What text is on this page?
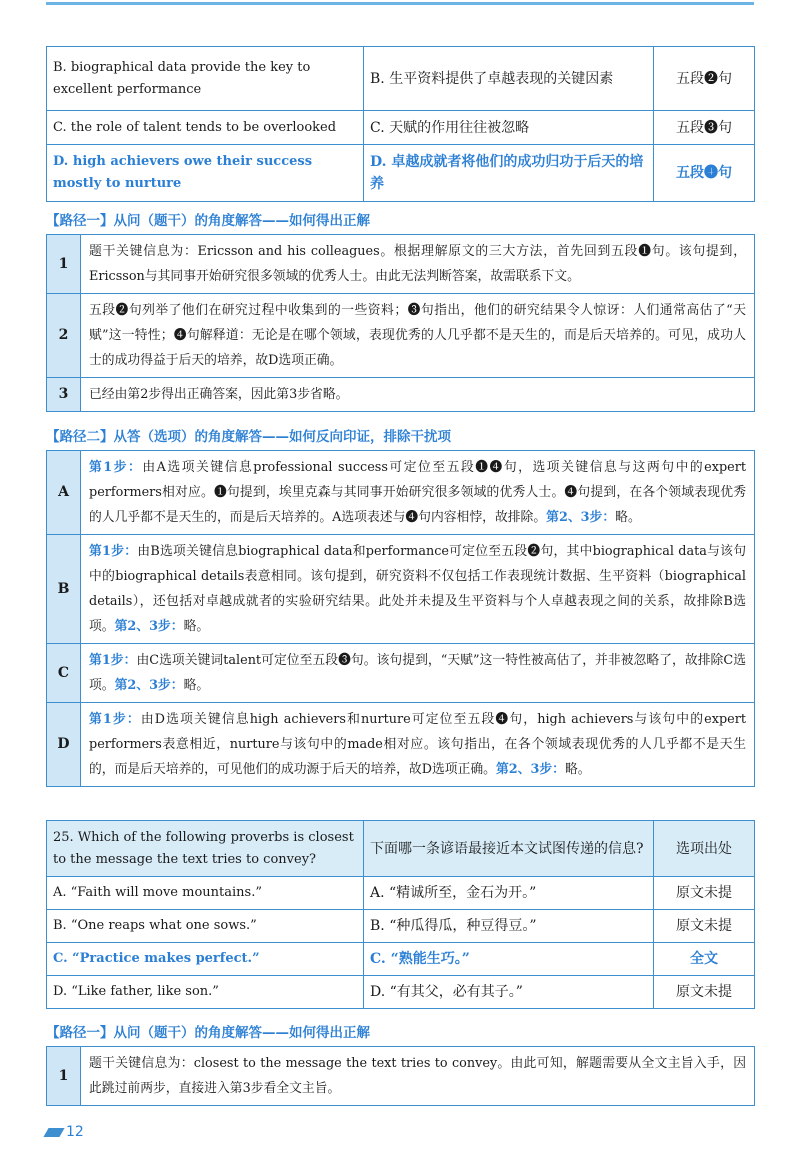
B. biographical data provide the key to excellent performance	B. 生平资料提供了卓越表现的关键因素	五段❷句
C. the role of talent tends to be overlooked	C. 天赋的作用往往被忽略	五段❸句
D. high achievers owe their success mostly to nurture	D. 卓越成就者将他们的成功归功于后天的培养	五段❹句
【路径一】从问（题干）的角度解答——如何得出正解
1	题干关键信息为：Ericsson and his colleagues。根据理解原文的三大方法，首先回到五段❶句。该句提到，Ericsson与其同事开始研究很多领域的优秀人士。由此无法判断答案，故需联系下文。
2	五段❷句列举了他们在研究过程中收集到的一些资料；❸句指出，他们的研究结果令人惊讶：人们通常高估了“天赋”这一特性；❹句解释道：无论是在哪个领域，表现优秀的人几乎都不是天生的，而是后天培养的。可见，成功人士的成功得益于后天的培养，故D选项正确。
3	已经由第2步得出正确答案，因此第3步省略。
【路径二】从答（选项）的角度解答——如何反向印证，排除干扰项
A	第1步：由A选项关键信息professional success可定位至五段❶❹句，选项关键信息与这两句中的expert performers相对应。❶句提到，埃里克森与其同事开始研究很多领域的优秀人士。❹句提到，在各个领域表现优秀的人几乎都不是天生的，而是后天培养的。A选项表述与❹句内容相悖，故排除。第2、3步：略。
B	第1步：由B选项关键信息biographical data和performance可定位至五段❷句，其中biographical data与该句中的biographical details表意相同。该句提到，研究资料不仅包括工作表现统计数据、生平资料（biographical details），还包括对卓越成就者的实验研究结果。此处并未提及生平资料与个人卓越表现之间的关系，故排除B选项。第2、3步：略。
C	第1步：由C选项关键词talent可定位至五段❸句。该句提到，“天赋”这一特性被高估了，并非被忽略了，故排除C选项。第2、3步：略。
D	第1步：由D选项关键信息high achievers和nurture可定位至五段❹句，high achievers与该句中的expert performers表意相近，nurture与该句中的made相对应。该句指出，在各个领域表现优秀的人几乎都不是天生的，而是后天培养的，可见他们的成功源于后天的培养，故D选项正确。第2、3步：略。
25. Which of the following proverbs is closest to the message the text tries to convey?	下面哪一条谚语最接近本文试图传递的信息?	选项出处
A. “Faith will move mountains.”	A. “精诚所至，金石为开。”	原文未提
B. “One reaps what one sows.”	B. “种瓜得瓜，种豆得豆。”	原文未提
C. “Practice makes perfect.”	C. “熟能生巧。”	全文
D. “Like father, like son.”	D. “有其父，必有其子。”	原文未提
【路径一】从问（题干）的角度解答——如何得出正解
1	题干关键信息为：closest to the message the text tries to convey。由此可知，解题需要从全文主旨入手，因此跳过前两步，直接进入第3步看全文主旨。
12
